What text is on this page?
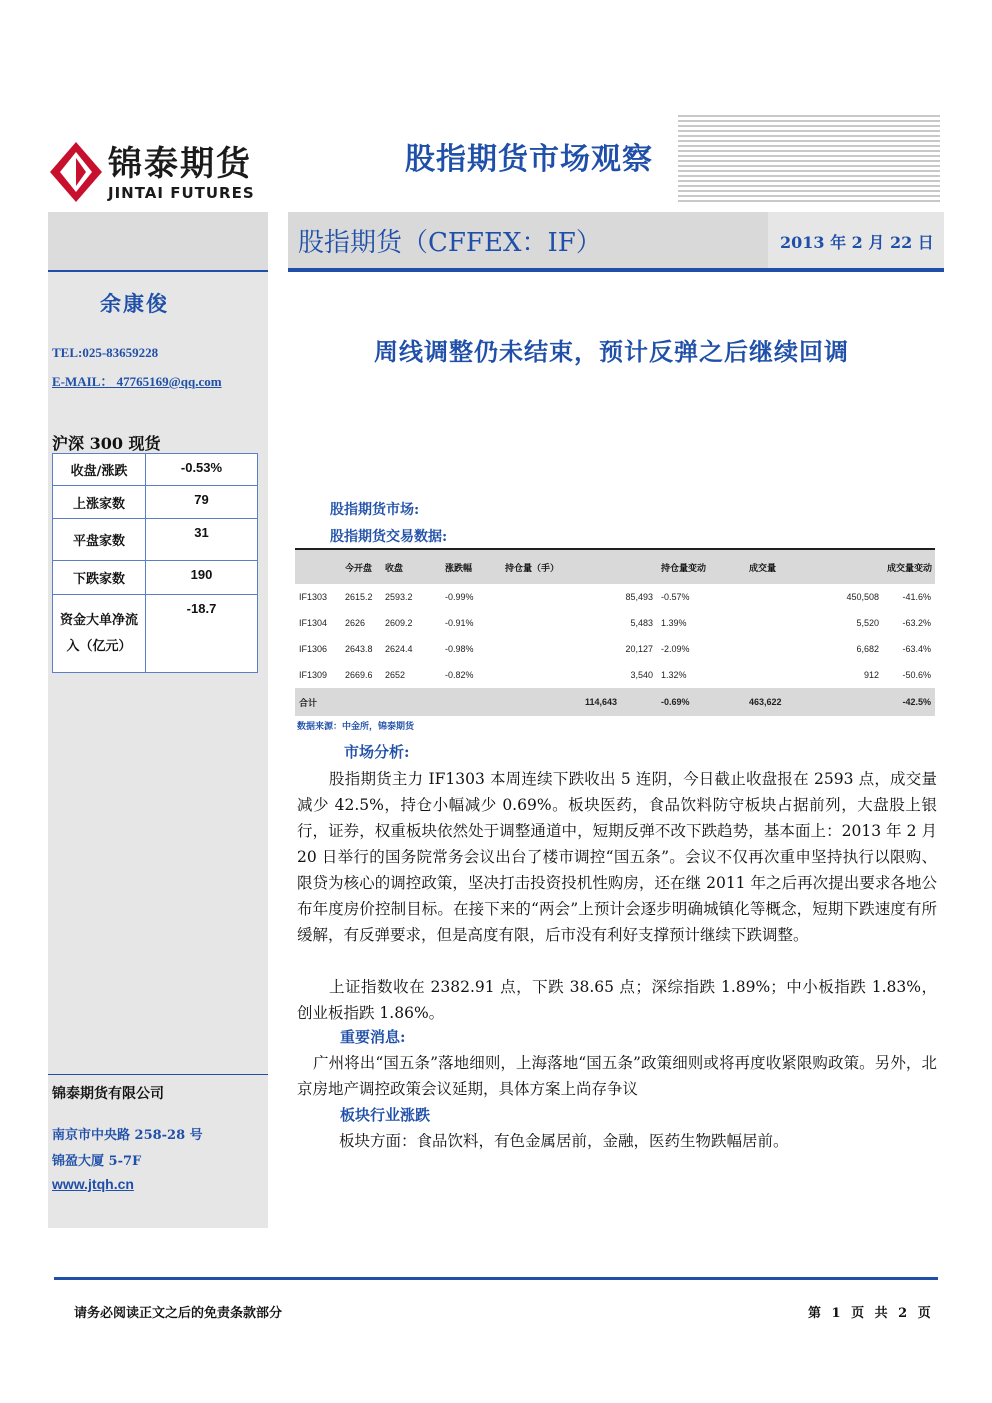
锦泰期货
JINTAI FUTURES
股指期货市场观察
余康俊
TEL:025-83659228
E-MAIL： 47765169@qq.com
沪深 300 现货
收盘/涨跌	-0.53%
上涨家数	79
平盘家数	31
下跌家数	190
资金大单净流入（亿元）	-18.7
锦泰期货有限公司
南京市中央路 258-28 号
锦盈大厦 5-7F
www.jtqh.cn
股指期货（CFFEX：IF）	2013 年 2 月 22 日
周线调整仍未结束，预计反弹之后继续回调
股指期货市场:
股指期货交易数据:
	今开盘	收盘	涨跌幅	持仓量（手）		持仓量变动	成交量		成交量变动
IF1303	2615.2	2593.2	-0.99%		85,493	-0.57%		450,508	-41.6%
IF1304	2626	2609.2	-0.91%		5,483	1.39%		5,520	-63.2%
IF1306	2643.8	2624.4	-0.98%		20,127	-2.09%		6,682	-63.4%
IF1309	2669.6	2652	-0.82%		3,540	1.32%		912	-50.6%
合计					114,643	-0.69%	463,622		-42.5%
数据来源：中金所，锦泰期货
市场分析:
股指期货主力 IF1303 本周连续下跌收出 5 连阴，今日截止收盘报在 2593 点，成交量减少 42.5%，持仓小幅减少 0.69%。板块医药，食品饮料防守板块占据前列，大盘股上银行，证券，权重板块依然处于调整通道中，短期反弹不改下跌趋势，基本面上：2013 年 2 月 20 日举行的国务院常务会议出台了楼市调控“国五条”。会议不仅再次重申坚持执行以限购、限贷为核心的调控政策，坚决打击投资投机性购房，还在继 2011 年之后再次提出要求各地公布年度房价控制目标。在接下来的“两会”上预计会逐步明确城镇化等概念，短期下跌速度有所缓解，有反弹要求，但是高度有限，后市没有利好支撑预计继续下跌调整。
上证指数收在 2382.91 点，下跌 38.65 点；深综指跌 1.89%；中小板指跌 1.83%，创业板指跌 1.86%。
重要消息:
广州将出“国五条”落地细则，上海落地“国五条”政策细则或将再度收紧限购政策。另外，北京房地产调控政策会议延期，具体方案上尚存争议
板块行业涨跌
板块方面：食品饮料，有色金属居前，金融，医药生物跌幅居前。
请务必阅读正文之后的免责条款部分	第 1 页 共 2 页
